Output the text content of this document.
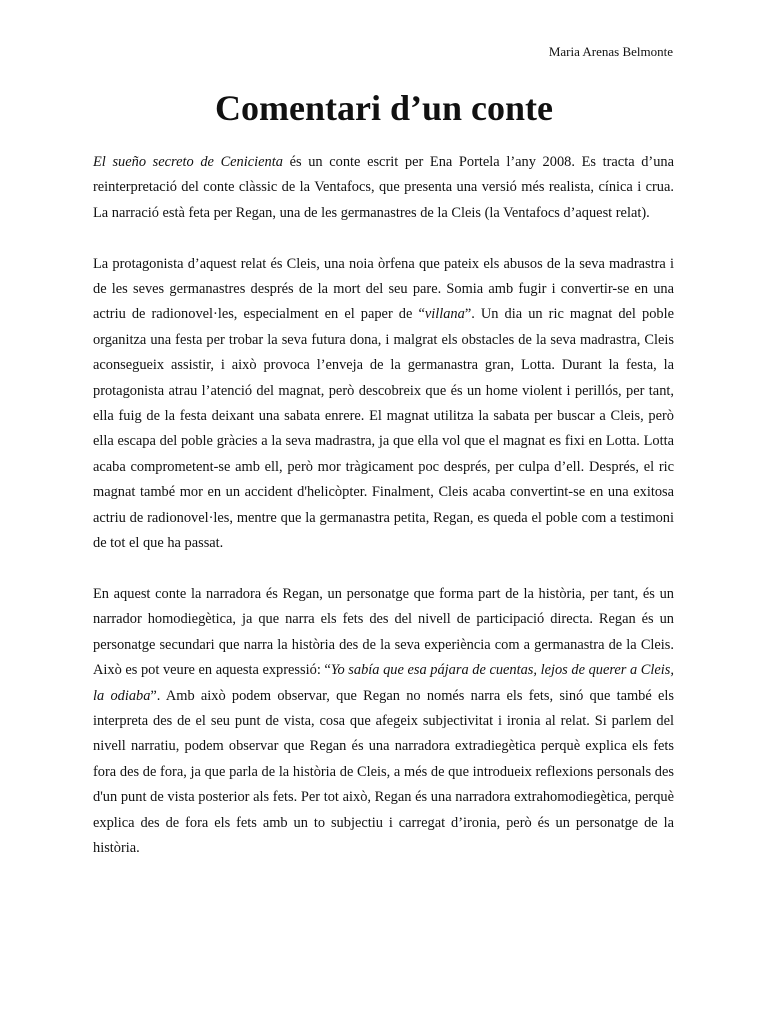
Maria Arenas Belmonte

Comentari d’un conte

El sueño secreto de Cenicienta és un conte escrit per Ena Portela l’any 2008. Es tracta d’una reinterpretació del conte clàssic de la Ventafocs, que presenta una versió més realista, cínica i crua. La narració està feta per Regan, una de les germanastres de la Cleis (la Ventafocs d’aquest relat).

La protagonista d’aquest relat és Cleis, una noia òrfena que pateix els abusos de la seva madrastra i de les seves germanastres després de la mort del seu pare. Somia amb fugir i convertir-se en una actriu de radionovel·les, especialment en el paper de “villana”. Un dia un ric magnat del poble organitza una festa per trobar la seva futura dona, i malgrat els obstacles de la seva madrastra, Cleis aconsegueix assistir, i això provoca l’enveja de la germanastra gran, Lotta. Durant la festa, la protagonista atrau l’atenció del magnat, però descobreix que és un home violent i perillós, per tant, ella fuig de la festa deixant una sabata enrere. El magnat utilitza la sabata per buscar a Cleis, però ella escapa del poble gràcies a la seva madrastra, ja que ella vol que el magnat es fixi en Lotta. Lotta acaba comprometent-se amb ell, però mor tràgicament poc després, per culpa d’ell. Després, el ric magnat també mor en un accident d'helicòpter. Finalment, Cleis acaba convertint-se en una exitosa actriu de radionovel·les, mentre que la germanastra petita, Regan, es queda el poble com a testimoni de tot el que ha passat.

En aquest conte la narradora és Regan, un personatge que forma part de la història, per tant, és un narrador homodiegètica, ja que narra els fets des del nivell de participació directa. Regan és un personatge secundari que narra la història des de la seva experiència com a germanastra de la Cleis. Això es pot veure en aquesta expressió: “Yo sabía que esa pájara de cuentas, lejos de querer a Cleis, la odiaba”. Amb això podem observar, que Regan no només narra els fets, sinó que també els interpreta des de el seu punt de vista, cosa que afegeix subjectivitat i ironia al relat. Si parlem del nivell narratiu, podem observar que Regan és una narradora extradiegètica perquè explica els fets fora des de fora, ja que parla de la història de Cleis, a més de que introdueix reflexions personals des d'un punt de vista posterior als fets. Per tot això, Regan és una narradora extrahomodiegètica, perquè explica des de fora els fets amb un to subjectiu i carregat d’ironia, però és un personatge de la història.
